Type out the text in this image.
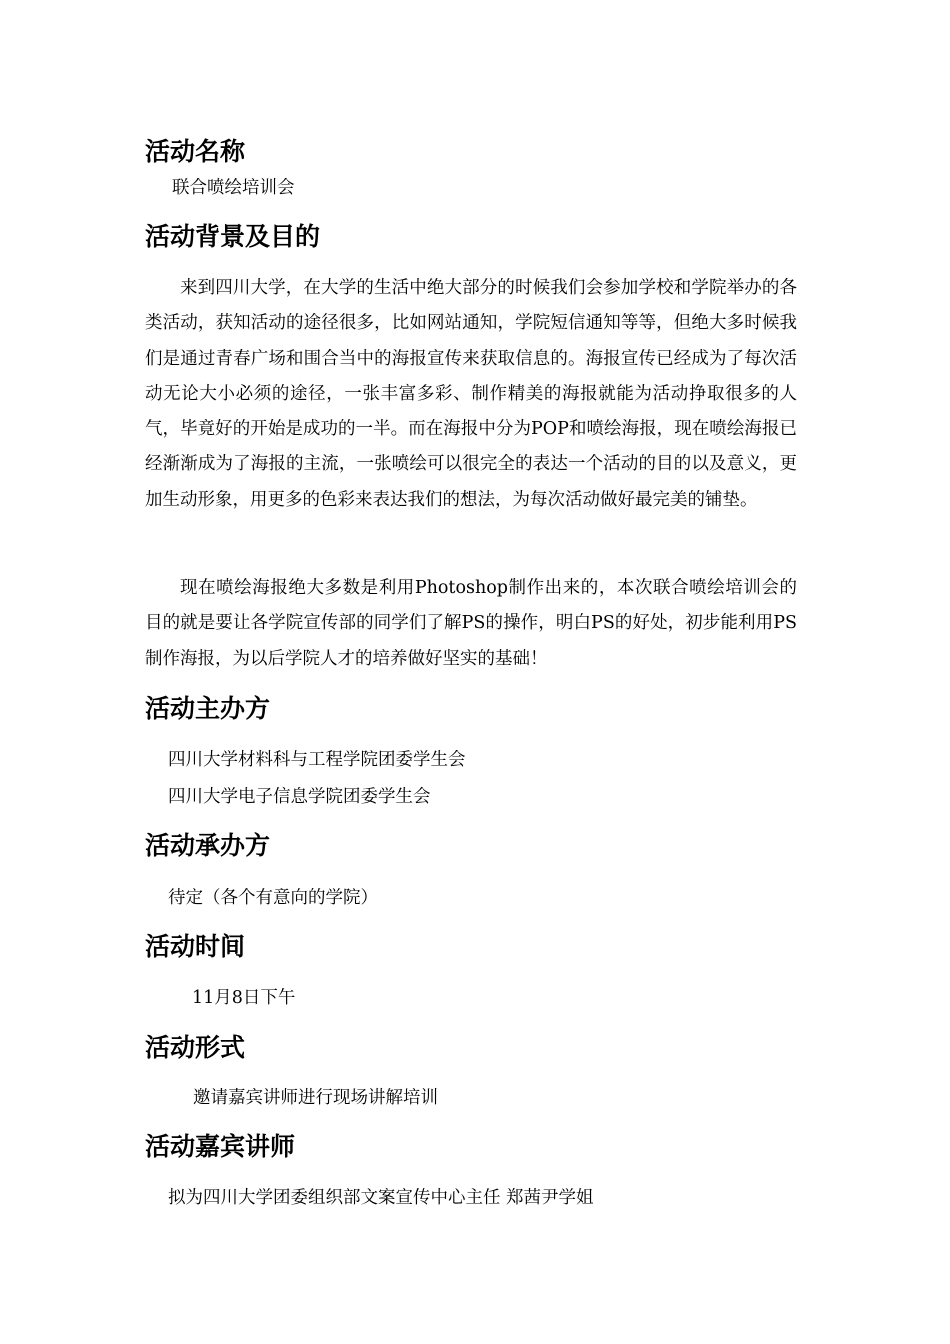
活动名称

联合喷绘培训会

活动背景及目的

来到四川大学，在大学的生活中绝大部分的时候我们会参加学校和学院举办的各类活动，获知活动的途径很多，比如网站通知，学院短信通知等等，但绝大多时候我们是通过青春广场和围合当中的海报宣传来获取信息的。海报宣传已经成为了每次活动无论大小必须的途径，一张丰富多彩、制作精美的海报就能为活动挣取很多的人气，毕竟好的开始是成功的一半。而在海报中分为POP和喷绘海报，现在喷绘海报已经渐渐成为了海报的主流，一张喷绘可以很完全的表达一个活动的目的以及意义，更加生动形象，用更多的色彩来表达我们的想法，为每次活动做好最完美的铺垫。

现在喷绘海报绝大多数是利用Photoshop制作出来的，本次联合喷绘培训会的目的就是要让各学院宣传部的同学们了解PS的操作，明白PS的好处，初步能利用PS制作海报，为以后学院人才的培养做好坚实的基础！

活动主办方

四川大学材料科与工程学院团委学生会

四川大学电子信息学院团委学生会

活动承办方

待定（各个有意向的学院）

活动时间

11月8日下午

活动形式

邀请嘉宾讲师进行现场讲解培训

活动嘉宾讲师

拟为四川大学团委组织部文案宣传中心主任 郑茜尹学姐
